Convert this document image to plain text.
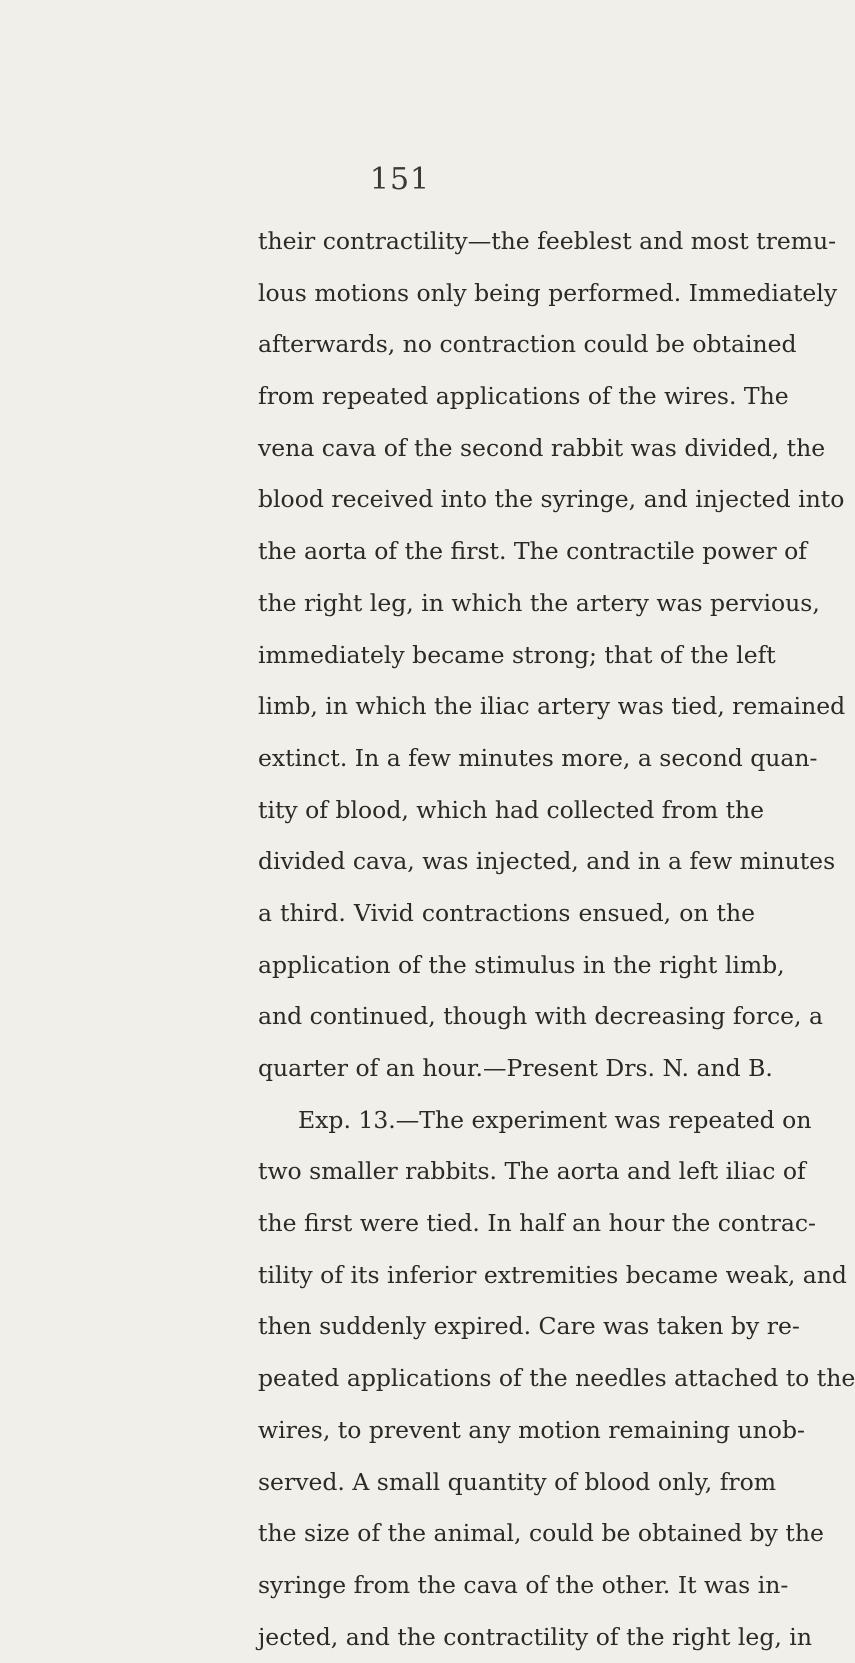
151
their contractility—the feeblest and most tremu-
lous motions only being performed. Immediately
afterwards, no contraction could be obtained
from repeated applications of the wires. The
vena cava of the second rabbit was divided, the
blood received into the syringe, and injected into
the aorta of the first. The contractile power of
the right leg, in which the artery was pervious,
immediately became strong; that of the left
limb, in which the iliac artery was tied, remained
extinct. In a few minutes more, a second quan-
tity of blood, which had collected from the
divided cava, was injected, and in a few minutes
a third. Vivid contractions ensued, on the
application of the stimulus in the right limb,
and continued, though with decreasing force, a
quarter of an hour.—Present Drs. N. and B.
Exp. 13.—The experiment was repeated on
two smaller rabbits. The aorta and left iliac of
the first were tied. In half an hour the contrac-
tility of its inferior extremities became weak, and
then suddenly expired. Care was taken by re-
peated applications of the needles attached to the
wires, to prevent any motion remaining unob-
served. A small quantity of blood only, from
the size of the animal, could be obtained by the
syringe from the cava of the other. It was in-
jected, and the contractility of the right leg, in
